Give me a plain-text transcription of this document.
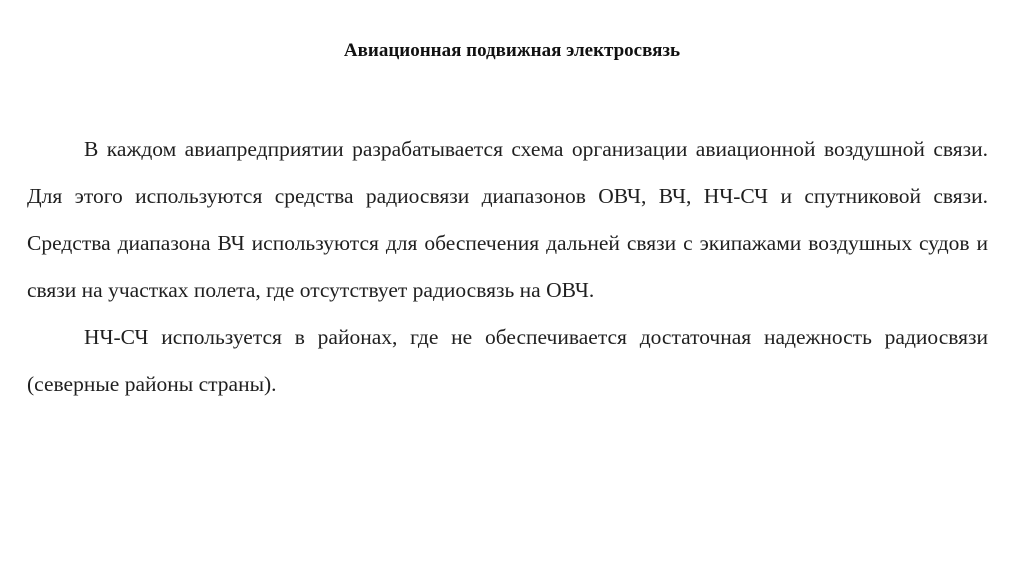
Авиационная подвижная электросвязь

В каждом авиапредприятии разрабатывается схема организации авиационной воздушной связи. Для этого используются средства радиосвязи диапазонов ОВЧ, ВЧ, НЧ-СЧ и спутниковой связи. Средства диапазона ВЧ используются для обеспечения дальней связи с экипажами воздушных судов и связи на участках полета, где отсутствует радиосвязь на ОВЧ.

НЧ-СЧ используется в районах, где не обеспечивается достаточная надежность радиосвязи (северные районы страны).
